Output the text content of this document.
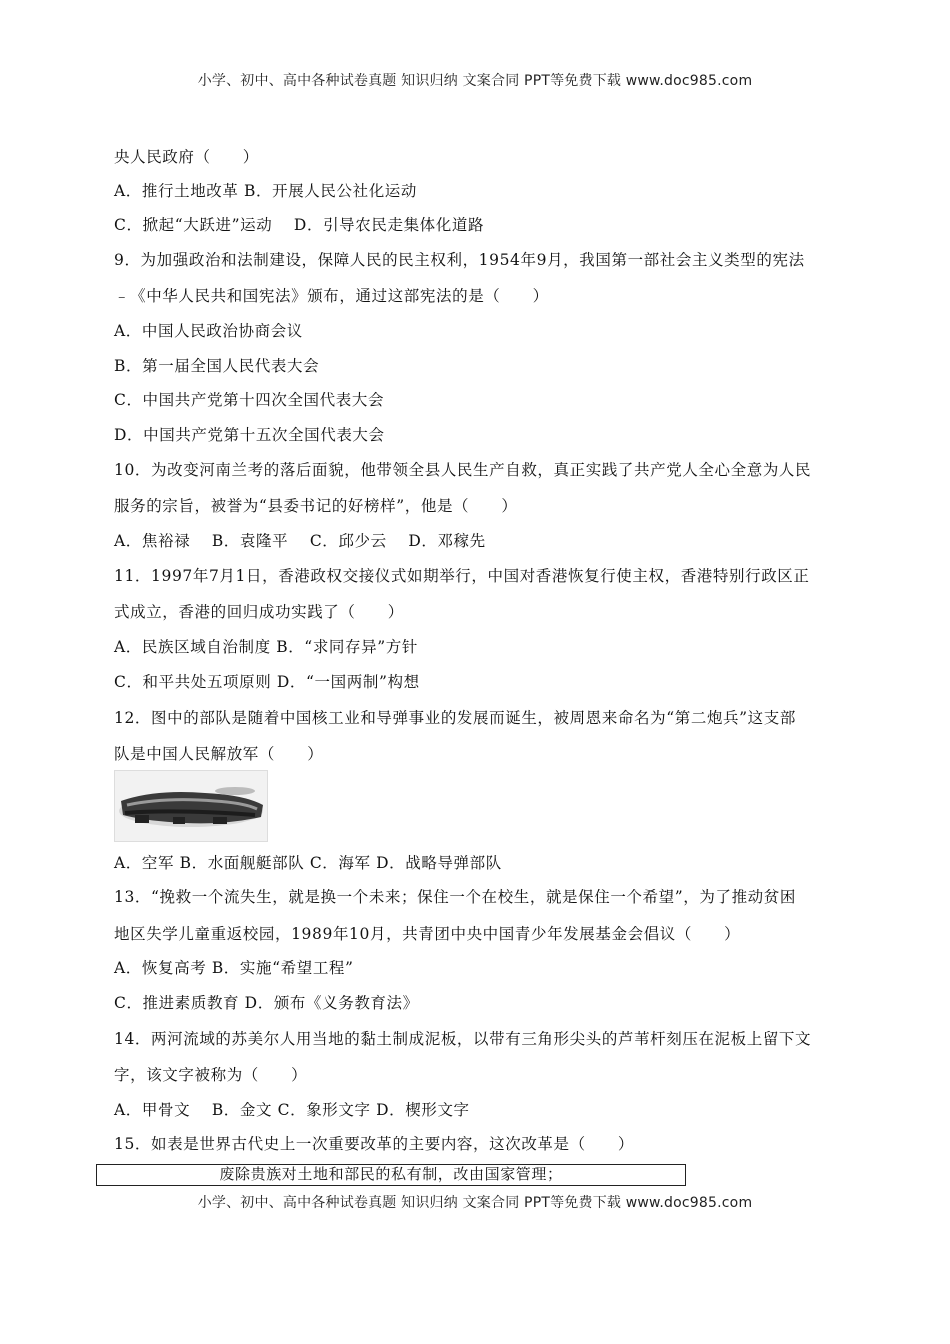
小学、初中、高中各种试卷真题 知识归纳 文案合同 PPT等免费下载 www.doc985.com
央人民政府（　　）
A．推行土地改革 B．开展人民公社化运动
C．掀起“大跃进”运动　 D．引导农民走集体化道路
9．为加强政治和法制建设，保障人民的民主权利，1954年9月，我国第一部社会主义类型的宪法
﹣《中华人民共和国宪法》颁布，通过这部宪法的是（　　）
A．中国人民政治协商会议
B．第一届全国人民代表大会
C．中国共产党第十四次全国代表大会
D．中国共产党第十五次全国代表大会
10．为改变河南兰考的落后面貌，他带领全县人民生产自救，真正实践了共产党人全心全意为人民
服务的宗旨，被誉为“县委书记的好榜样”，他是（　　）
A．焦裕禄　 B．袁隆平　 C．邱少云　 D．邓稼先
11．1997年7月1日，香港政权交接仪式如期举行，中国对香港恢复行使主权，香港特别行政区正
式成立，香港的回归成功实践了（　　）
A．民族区域自治制度 B．“求同存异”方针
C．和平共处五项原则 D．“一国两制”构想
12．图中的部队是随着中国核工业和导弹事业的发展而诞生，被周恩来命名为“第二炮兵”这支部
队是中国人民解放军（　　）
A．空军 B．水面舰艇部队 C．海军 D．战略导弹部队
13．“挽救一个流失生，就是换一个未来；保住一个在校生，就是保住一个希望”，为了推动贫困
地区失学儿童重返校园，1989年10月，共青团中央中国青少年发展基金会倡议（　　）
A．恢复高考 B．实施“希望工程”
C．推进素质教育 D．颁布《义务教育法》
14．两河流域的苏美尔人用当地的黏土制成泥板，以带有三角形尖头的芦苇杆刻压在泥板上留下文
字，该文字被称为（　　）
A．甲骨文　 B．金文 C．象形文字 D．楔形文字
15．如表是世界古代史上一次重要改革的主要内容，这次改革是（　　）
废除贵族对土地和部民的私有制，改由国家管理；
小学、初中、高中各种试卷真题 知识归纳 文案合同 PPT等免费下载 www.doc985.com
